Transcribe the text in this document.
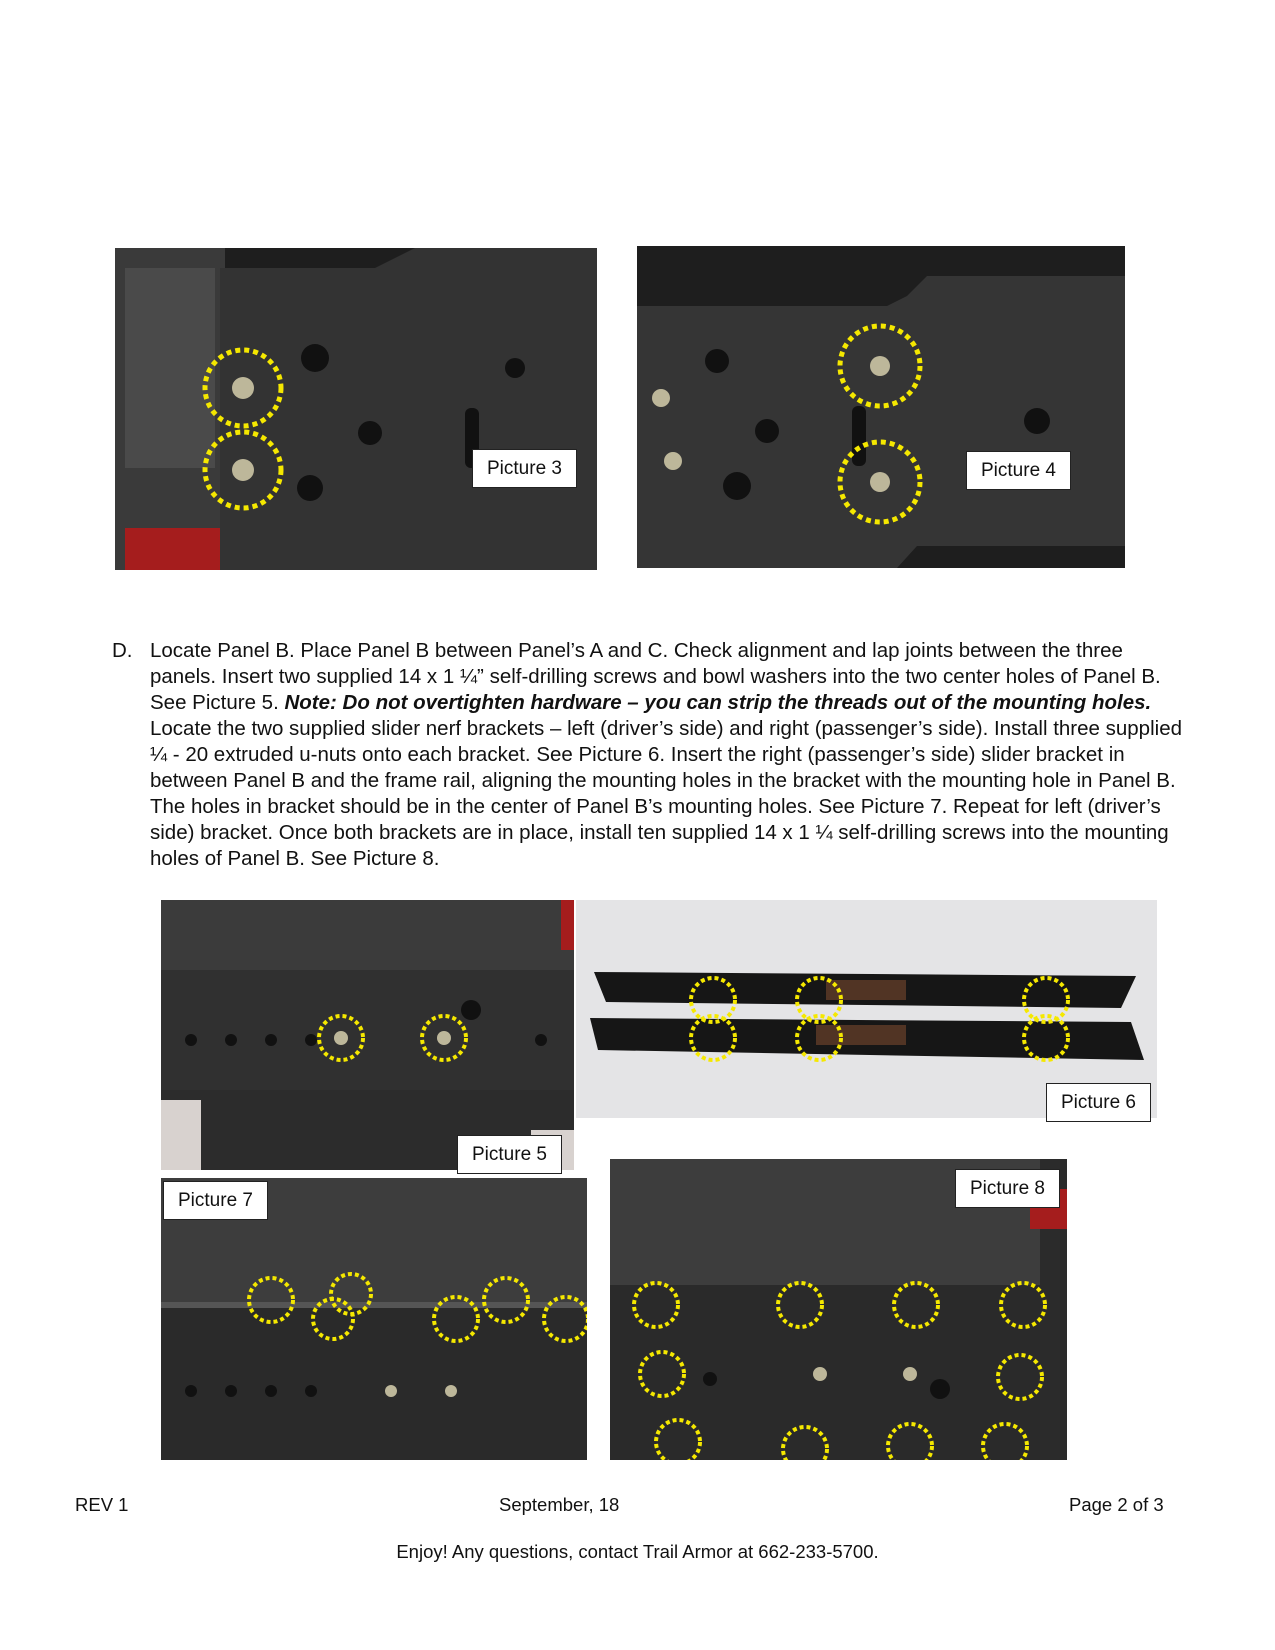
Picture 3	Picture 4
D. Locate Panel B. Place Panel B between Panel’s A and C. Check alignment and lap joints between the three panels. Insert two supplied 14 x 1 ¼” self-drilling screws and bowl washers into the two center holes of Panel B. See Picture 5. Note: Do not overtighten hardware – you can strip the threads out of the mounting holes. Locate the two supplied slider nerf brackets – left (driver’s side) and right (passenger’s side). Install three supplied ¼ - 20 extruded u-nuts onto each bracket. See Picture 6. Insert the right (passenger’s side) slider bracket in between Panel B and the frame rail, aligning the mounting holes in the bracket with the mounting hole in Panel B. The holes in bracket should be in the center of Panel B’s mounting holes. See Picture 7. Repeat for left (driver’s side) bracket. Once both brackets are in place, install ten supplied 14 x 1 ¼ self-drilling screws into the mounting holes of Panel B. See Picture 8.
Picture 5
Picture 6
Picture 7
Picture 8
REV 1	September, 18	Page 2 of 3
Enjoy! Any questions, contact Trail Armor at 662-233-5700.
